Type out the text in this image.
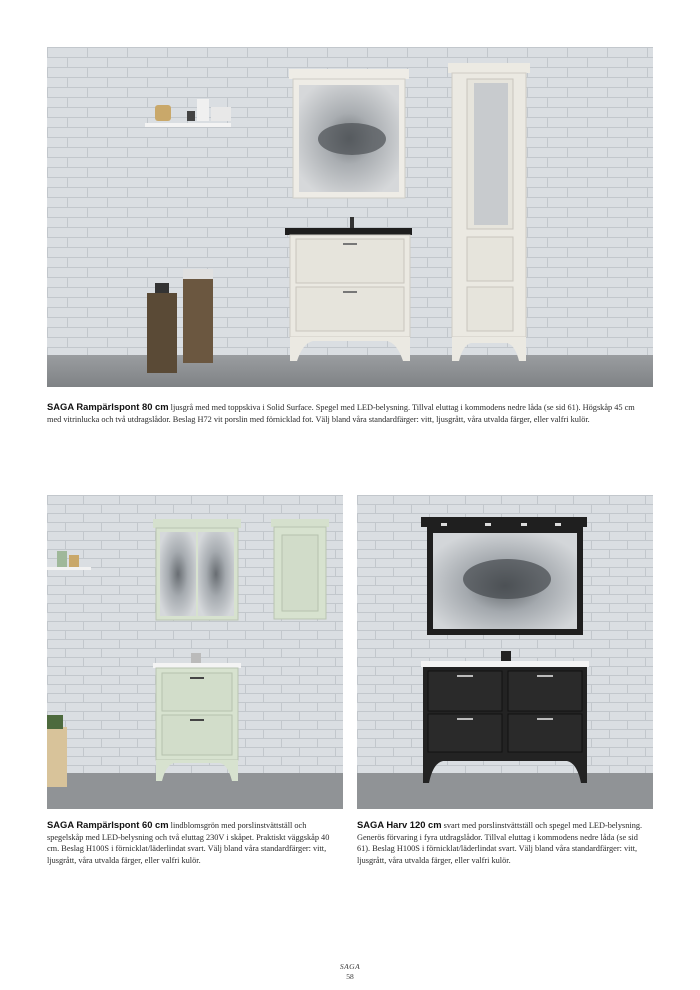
SAGA Rampärlspont 80 cm ljusgrå med med toppskiva i Solid Surface. Spegel med LED-belysning. Tillval eluttag i kommodens nedre låda (se sid 61). Högskåp 45 cm med vitrinlucka och två utdragslådor. Beslag H72 vit porslin med förnicklad fot. Välj bland våra standardfärger: vitt, ljusgrått, våra utvalda färger, eller valfri kulör.
SAGA Rampärlspont 60 cm lindblomsgrön med porslinstvättställ och spegelskåp med LED-belysning och två eluttag 230V i skåpet. Praktiskt väggskåp 40 cm. Beslag H100S i förnicklat/läderlindat svart. Välj bland våra standardfärger: vitt, ljusgrått, våra utvalda färger, eller valfri kulör.
SAGA Harv 120 cm svart med porslinstvättställ och spegel med LED-belysning. Generös förvaring i fyra utdragslådor. Tillval eluttag i kommodens nedre låda (se sid 61). Beslag H100S i förnicklat/läderlindat svart. Välj bland våra standardfärger: vitt, ljusgrått, våra utvalda färger, eller valfri kulör.
SAGA
58
